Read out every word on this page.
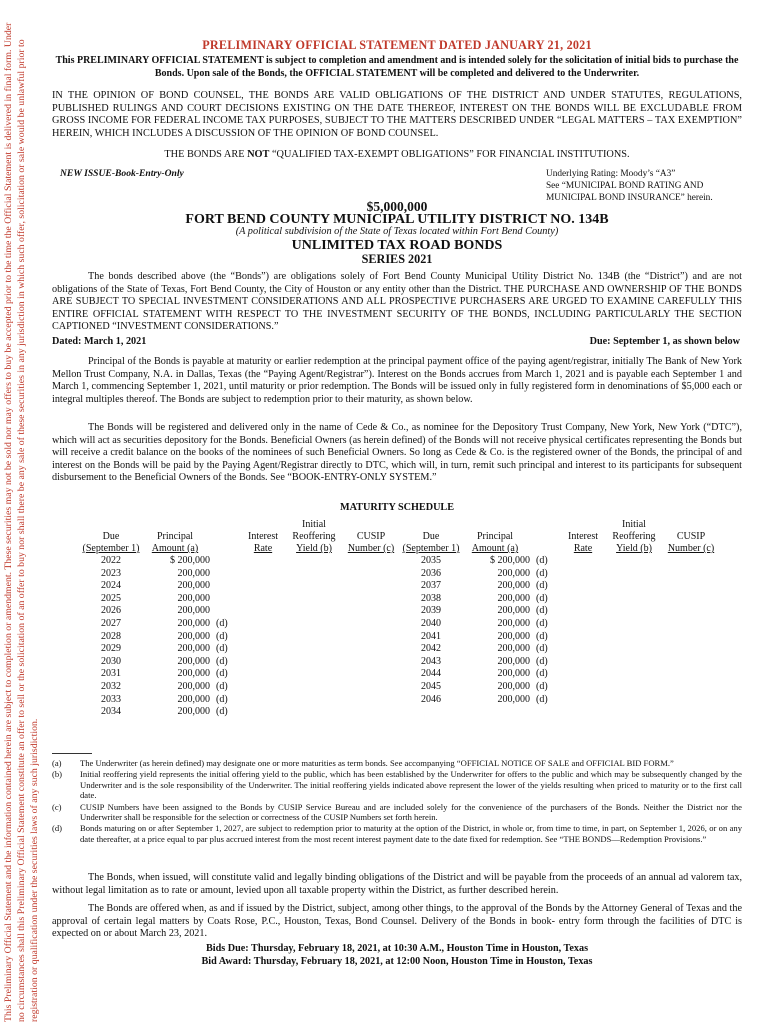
This Preliminary Official Statement and the information contained herein are subject to completion or amendment. These securities may not be sold nor may offers to buy be accepted prior to the time the Official Statement is delivered in final form. Under no circumstances shall this Preliminary Official Statement constitute an offer to sell or the solicitation of an offer to buy nor shall there be any sale of these securities in any jurisdiction in which such offer, solicitation or sale would be unlawful prior to registration or qualification under the securities laws of any such jurisdiction.
PRELIMINARY OFFICIAL STATEMENT DATED JANUARY 21, 2021
This PRELIMINARY OFFICIAL STATEMENT is subject to completion and amendment and is intended solely for the solicitation of initial bids to purchase the Bonds. Upon sale of the Bonds, the OFFICIAL STATEMENT will be completed and delivered to the Underwriter.
IN THE OPINION OF BOND COUNSEL, THE BONDS ARE VALID OBLIGATIONS OF THE DISTRICT AND UNDER STATUTES, REGULATIONS, PUBLISHED RULINGS AND COURT DECISIONS EXISTING ON THE DATE THEREOF, INTEREST ON THE BONDS WILL BE EXCLUDABLE FROM GROSS INCOME FOR FEDERAL INCOME TAX PURPOSES, SUBJECT TO THE MATTERS DESCRIBED UNDER “LEGAL MATTERS – TAX EXEMPTION” HEREIN, WHICH INCLUDES A DISCUSSION OF THE OPINION OF BOND COUNSEL.
THE BONDS ARE NOT “QUALIFIED TAX-EXEMPT OBLIGATIONS” FOR FINANCIAL INSTITUTIONS.
NEW ISSUE-Book-Entry-Only	Underlying Rating: Moody’s “A3”
See “MUNICIPAL BOND RATING AND
MUNICIPAL BOND INSURANCE” herein.
$5,000,000
FORT BEND COUNTY MUNICIPAL UTILITY DISTRICT NO. 134B
(A political subdivision of the State of Texas located within Fort Bend County)
UNLIMITED TAX ROAD BONDS
SERIES 2021
The bonds described above (the “Bonds”) are obligations solely of Fort Bend County Municipal Utility District No. 134B (the “District”) and are not obligations of the State of Texas, Fort Bend County, the City of Houston or any entity other than the District. THE PURCHASE AND OWNERSHIP OF THE BONDS ARE SUBJECT TO SPECIAL INVESTMENT CONSIDERATIONS AND ALL PROSPECTIVE PURCHASERS ARE URGED TO EXAMINE CAREFULLY THIS ENTIRE OFFICIAL STATEMENT WITH RESPECT TO THE INVESTMENT SECURITY OF THE BONDS, INCLUDING PARTICULARLY THE SECTION CAPTIONED “INVESTMENT CONSIDERATIONS.”
Dated: March 1, 2021	Due: September 1, as shown below
Principal of the Bonds is payable at maturity or earlier redemption at the principal payment office of the paying agent/registrar, initially The Bank of New York Mellon Trust Company, N.A. in Dallas, Texas (the “Paying Agent/Registrar”). Interest on the Bonds accrues from March 1, 2021 and is payable each September 1 and March 1, commencing September 1, 2021, until maturity or prior redemption. The Bonds will be issued only in fully registered form in denominations of $5,000 each or integral multiples thereof. The Bonds are subject to redemption prior to their maturity, as shown below.
The Bonds will be registered and delivered only in the name of Cede & Co., as nominee for the Depository Trust Company, New York, New York (“DTC”), which will act as securities depository for the Bonds. Beneficial Owners (as herein defined) of the Bonds will not receive physical certificates representing the Bonds but will receive a credit balance on the books of the nominees of such Beneficial Owners. So long as Cede & Co. is the registered owner of the Bonds, the principal of and interest on the Bonds will be paid by the Paying Agent/Registrar directly to DTC, which will, in turn, remit such principal and interest to its participants for subsequent disbursement to the Beneficial Owners of the Bonds. See “BOOK-ENTRY-ONLY SYSTEM.”
MATURITY SCHEDULE
				Initial	
Due	Principal		Interest	Reoffering	CUSIP
(September 1)	Amount (a)		Rate	Yield (b)	Number (c)
2022	$ 200,000				
2023	200,000				
2024	200,000				
2025	200,000				
2026	200,000				
2027	200,000	(d)			
2028	200,000	(d)			
2029	200,000	(d)			
2030	200,000	(d)			
2031	200,000	(d)			
2032	200,000	(d)			
2033	200,000	(d)			
2034	200,000	(d)			
				Initial	
Due	Principal		Interest	Reoffering	CUSIP
(September 1)	Amount (a)		Rate	Yield (b)	Number (c)
2035	$ 200,000	(d)			
2036	200,000	(d)			
2037	200,000	(d)			
2038	200,000	(d)			
2039	200,000	(d)			
2040	200,000	(d)			
2041	200,000	(d)			
2042	200,000	(d)			
2043	200,000	(d)			
2044	200,000	(d)			
2045	200,000	(d)			
2046	200,000	(d)			
(a) The Underwriter (as herein defined) may designate one or more maturities as term bonds. See accompanying “OFFICIAL NOTICE OF SALE and OFFICIAL BID FORM.”
(b) Initial reoffering yield represents the initial offering yield to the public, which has been established by the Underwriter for offers to the public and which may be subsequently changed by the Underwriter and is the sole responsibility of the Underwriter. The initial reoffering yields indicated above represent the lower of the yields resulting when priced to maturity or to the first call date.
(c) CUSIP Numbers have been assigned to the Bonds by CUSIP Service Bureau and are included solely for the convenience of the purchasers of the Bonds. Neither the District nor the Underwriter shall be responsible for the selection or correctness of the CUSIP Numbers set forth herein.
(d) Bonds maturing on or after September 1, 2027, are subject to redemption prior to maturity at the option of the District, in whole or, from time to time, in part, on September 1, 2026, or on any date thereafter, at a price equal to par plus accrued interest from the most recent interest payment date to the date fixed for redemption. See “THE BONDS—Redemption Provisions.”
The Bonds, when issued, will constitute valid and legally binding obligations of the District and will be payable from the proceeds of an annual ad valorem tax, without legal limitation as to rate or amount, levied upon all taxable property within the District, as further described herein.
The Bonds are offered when, as and if issued by the District, subject, among other things, to the approval of the Bonds by the Attorney General of Texas and the approval of certain legal matters by Coats Rose, P.C., Houston, Texas, Bond Counsel. Delivery of the Bonds in book- entry form through the facilities of DTC is expected on or about March 23, 2021.
Bids Due: Thursday, February 18, 2021, at 10:30 A.M., Houston Time in Houston, Texas
Bid Award: Thursday, February 18, 2021, at 12:00 Noon, Houston Time in Houston, Texas
